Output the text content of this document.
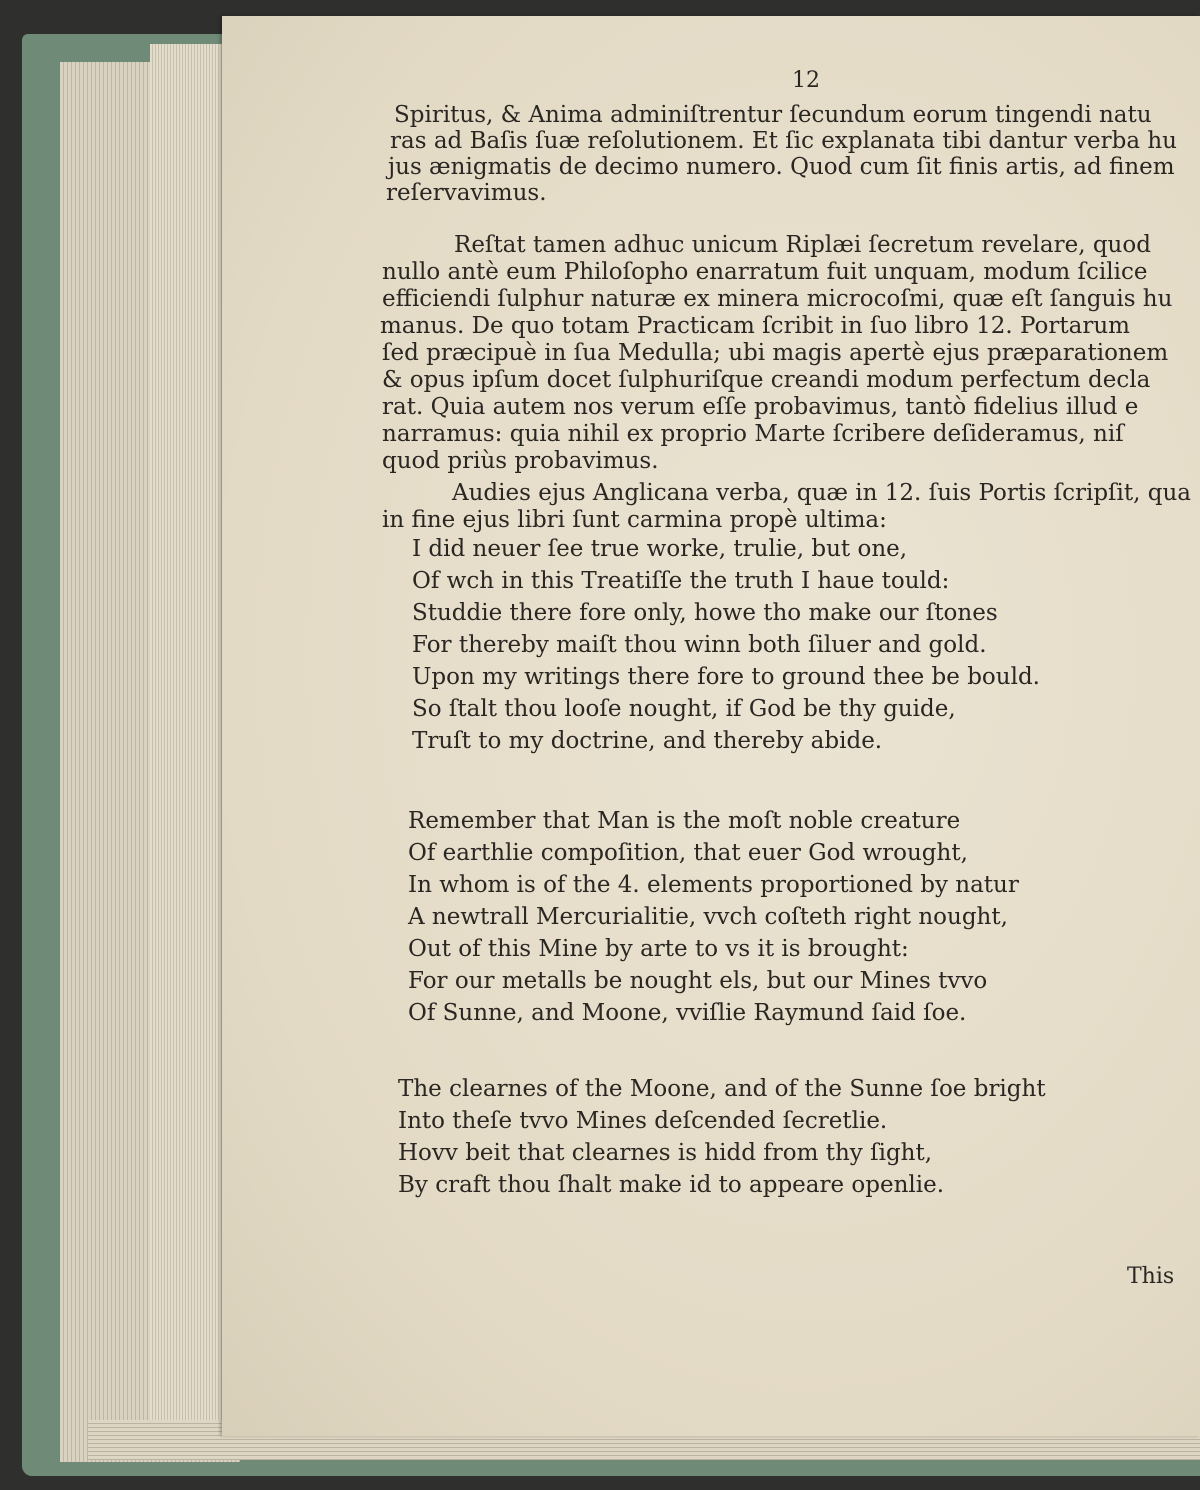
12
Spiritus, & Anima adminiſtrentur ſecundum eorum tingendi natu
ras ad Baſis ſuæ reſolutionem. Et ſic explanata tibi dantur verba hu
jus ænigmatis de decimo numero. Quod cum ſit finis artis, ad finem
reſervavimus.
Reſtat tamen adhuc unicum Riplæi ſecretum revelare, quod
nullo antè eum Philoſopho enarratum fuit unquam, modum ſcilice
efficiendi ſulphur naturæ ex minera microcoſmi, quæ eſt ſanguis hu
manus. De quo totam Practicam ſcribit in ſuo libro 12. Portarum
ſed præcipuè in ſua Medulla; ubi magis apertè ejus præparationem
& opus ipſum docet ſulphuriſque creandi modum perfectum decla
rat. Quia autem nos verum eſſe probavimus, tantò fidelius illud e
narramus: quia nihil ex proprio Marte ſcribere deſideramus, niſ
quod priùs probavimus.
Audies ejus Anglicana verba, quæ in 12. ſuis Portis ſcripſit, qua
in fine ejus libri ſunt carmina propè ultima:
I did neuer ſee true worke, trulie, but one,
Of wch in this Treatiſſe the truth I haue tould:
Studdie there fore only, howe tho make our ſtones
For thereby maiſt thou winn both ſiluer and gold.
Upon my writings there fore to ground thee be bould.
So ſtalt thou looſe nought, if God be thy guide,
Truſt to my doctrine, and thereby abide.
Remember that Man is the moſt noble creature
Of earthlie compoſition, that euer God wrought,
In whom is of the 4. elements proportioned by natur
A newtrall Mercurialitie, vvch coſteth right nought,
Out of this Mine by arte to vs it is brought:
For our metalls be nought els, but our Mines tvvo
Of Sunne, and Moone, vviſlie Raymund ſaid ſoe.
The clearnes of the Moone, and of the Sunne ſoe bright
Into theſe tvvo Mines deſcended ſecretlie.
Hovv beit that clearnes is hidd from thy ſight,
By craft thou ſhalt make id to appeare openlie.
This
